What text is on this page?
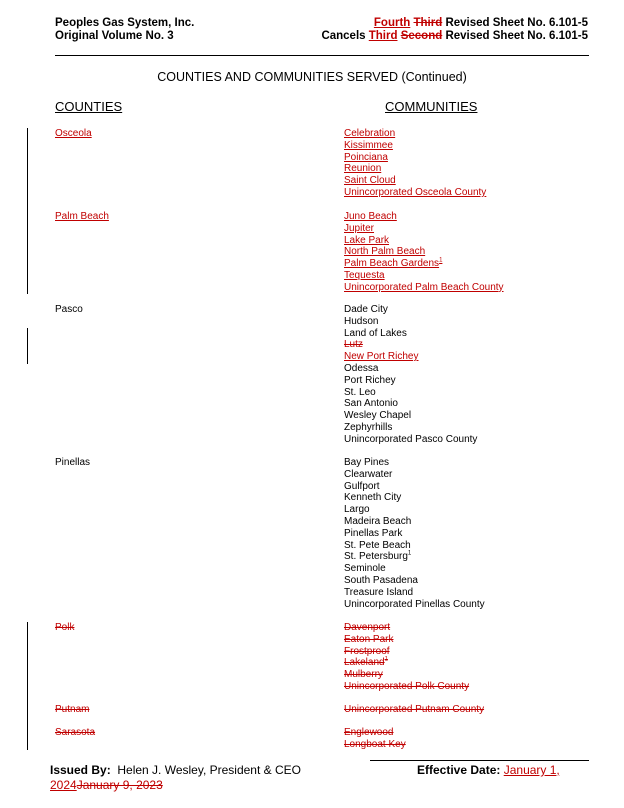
Peoples Gas System, Inc.
Original Volume No. 3
Fourth Third Revised Sheet No. 6.101-5
Cancels Third Second Revised Sheet No. 6.101-5
COUNTIES AND COMMUNITIES SERVED (Continued)
COUNTIES	COMMUNITIES
Osceola	Celebration
Kissimmee
Poinciana
Reunion
Saint Cloud
Unincorporated Osceola County
Palm Beach	Juno Beach
Jupiter
Lake Park
North Palm Beach
Palm Beach Gardens$^1$
Tequesta
Unincorporated Palm Beach County
Pasco	Dade City
Hudson
Land of Lakes
Lutz
New Port Richey
Odessa
Port Richey
St. Leo
San Antonio
Wesley Chapel
Zephyrhills
Unincorporated Pasco County
Pinellas	Bay Pines
Clearwater
Gulfport
Kenneth City
Largo
Madeira Beach
Pinellas Park
St. Pete Beach
St. Petersburg$^1$
Seminole
South Pasadena
Treasure Island
Unincorporated Pinellas County
Polk	Davenport
Eaton Park
Frostproof
Lakeland$^1$
Mulberry
Unincorporated Polk County
Putnam	Unincorporated Putnam County
Sarasota	Englewood
Longboat Key
Issued By: Helen J. Wesley, President & CEO	Effective Date: January 1,
2024January 9, 2023
